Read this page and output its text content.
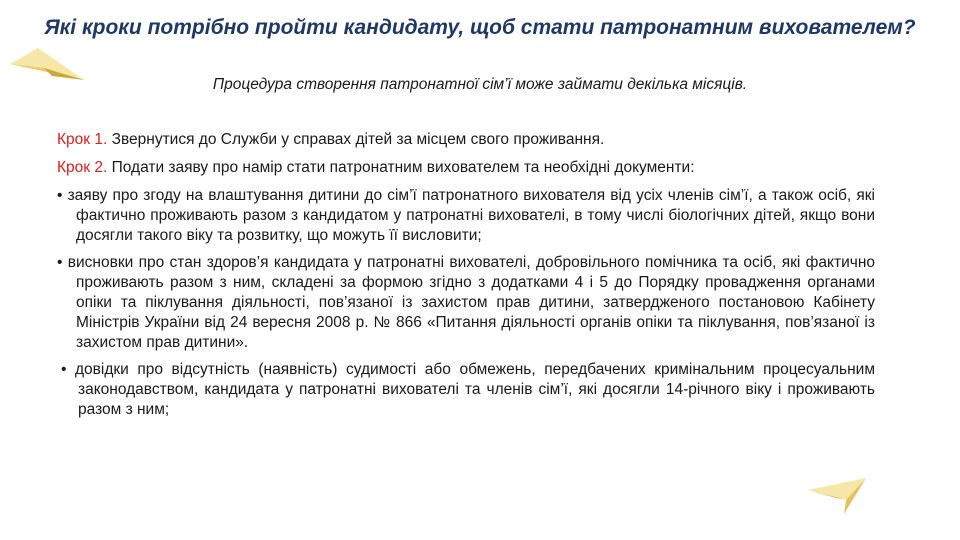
Які кроки потрібно пройти кандидату, щоб стати патронатним вихователем?
Процедура створення патронатної сім’ї може займати декілька місяців.

Крок 1. Звернутися до Служби у справах дітей за місцем свого проживання.

Крок 2. Подати заяву про намір стати патронатним вихователем та необхідні документи:

• заяву про згоду на влаштування дитини до сім’ї патронатного вихователя від усіх членів сім’ї, а також осіб, які фактично проживають разом з кандидатом у патронатні вихователі, в тому числі біологічних дітей, якщо вони досягли такого віку та розвитку, що можуть її висловити;

• висновки про стан здоров’я кандидата у патронатні вихователі, добровільного помічника та осіб, які фактично проживають разом з ним, складені за формою згідно з додатками 4 і 5 до Порядку провадження органами опіки та піклування діяльності, пов’язаної із захистом прав дитини, затвердженого постановою Кабінету Міністрів України від 24 вересня 2008 р. № 866 «Питання діяльності органів опіки та піклування, пов’язаної із захистом прав дитини».

• довідки про відсутність (наявність) судимості або обмежень, передбачених кримінальним процесуальним законодавством, кандидата у патронатні вихователі та членів сім’ї, які досягли 14-річного віку і проживають разом з ним;
